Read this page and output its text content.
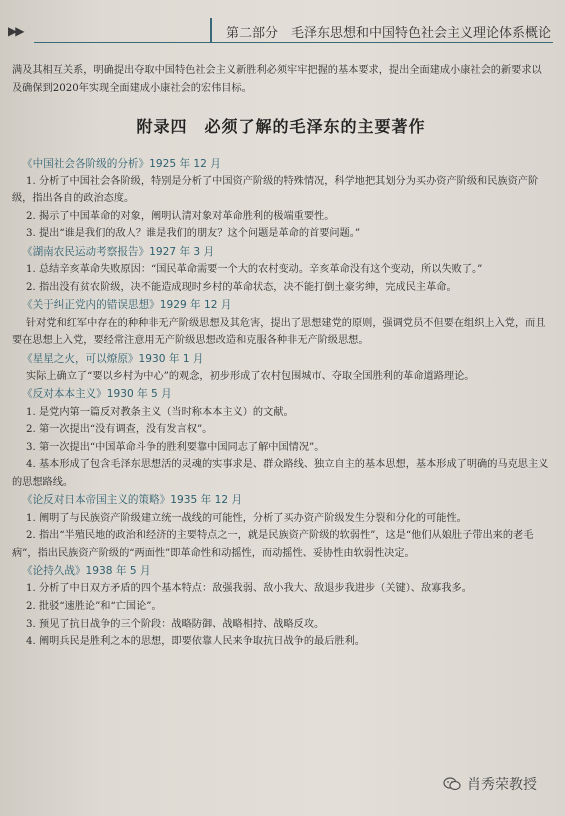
▶▶	第二部分　毛泽东思想和中国特色社会主义理论体系概论

满及其相互关系，明确提出夺取中国特色社会主义新胜利必须牢牢把握的基本要求，提出全面建成小康社会的新要求以及确保到2020年实现全面建成小康社会的宏伟目标。

附录四　必须了解的毛泽东的主要著作

《中国社会各阶级的分析》1925 年 12 月

1. 分析了中国社会各阶级，特别是分析了中国资产阶级的特殊情况，科学地把其划分为买办资产阶级和民族资产阶级，指出各自的政治态度。

2. 揭示了中国革命的对象，阐明认清对象对革命胜利的极端重要性。

3. 提出“谁是我们的敌人？谁是我们的朋友？这个问题是革命的首要问题。”

《湖南农民运动考察报告》1927 年 3 月

1. 总结辛亥革命失败原因：“国民革命需要一个大的农村变动。辛亥革命没有这个变动，所以失败了。”

2. 指出没有贫农阶级，决不能造成现时乡村的革命状态，决不能打倒土豪劣绅，完成民主革命。

《关于纠正党内的错误思想》1929 年 12 月

针对党和红军中存在的种种非无产阶级思想及其危害，提出了思想建党的原则，强调党员不但要在组织上入党，而且要在思想上入党，要经常注意用无产阶级思想改造和克服各种非无产阶级思想。

《星星之火，可以燎原》1930 年 1 月

实际上确立了“要以乡村为中心”的观念，初步形成了农村包围城市、夺取全国胜利的革命道路理论。

《反对本本主义》1930 年 5 月

1. 是党内第一篇反对教条主义（当时称本本主义）的文献。

2. 第一次提出“没有调查，没有发言权”。

3. 第一次提出“中国革命斗争的胜利要靠中国同志了解中国情况”。

4. 基本形成了包含毛泽东思想活的灵魂的实事求是、群众路线、独立自主的基本思想，基本形成了明确的马克思主义的思想路线。

《论反对日本帝国主义的策略》1935 年 12 月

1. 阐明了与民族资产阶级建立统一战线的可能性，分析了买办资产阶级发生分裂和分化的可能性。

2. 指出“半殖民地的政治和经济的主要特点之一，就是民族资产阶级的软弱性”，这是“他们从娘肚子带出来的老毛病”，指出民族资产阶级的“两面性”即革命性和动摇性，而动摇性、妥协性由软弱性决定。

《论持久战》1938 年 5 月

1. 分析了中日双方矛盾的四个基本特点：敌强我弱、敌小我大、敌退步我进步（关键）、敌寡我多。

2. 批驳“速胜论”和“亡国论”。

3. 预见了抗日战争的三个阶段：战略防御、战略相持、战略反攻。

4. 阐明兵民是胜利之本的思想，即要依靠人民来争取抗日战争的最后胜利。

肖秀荣教授
